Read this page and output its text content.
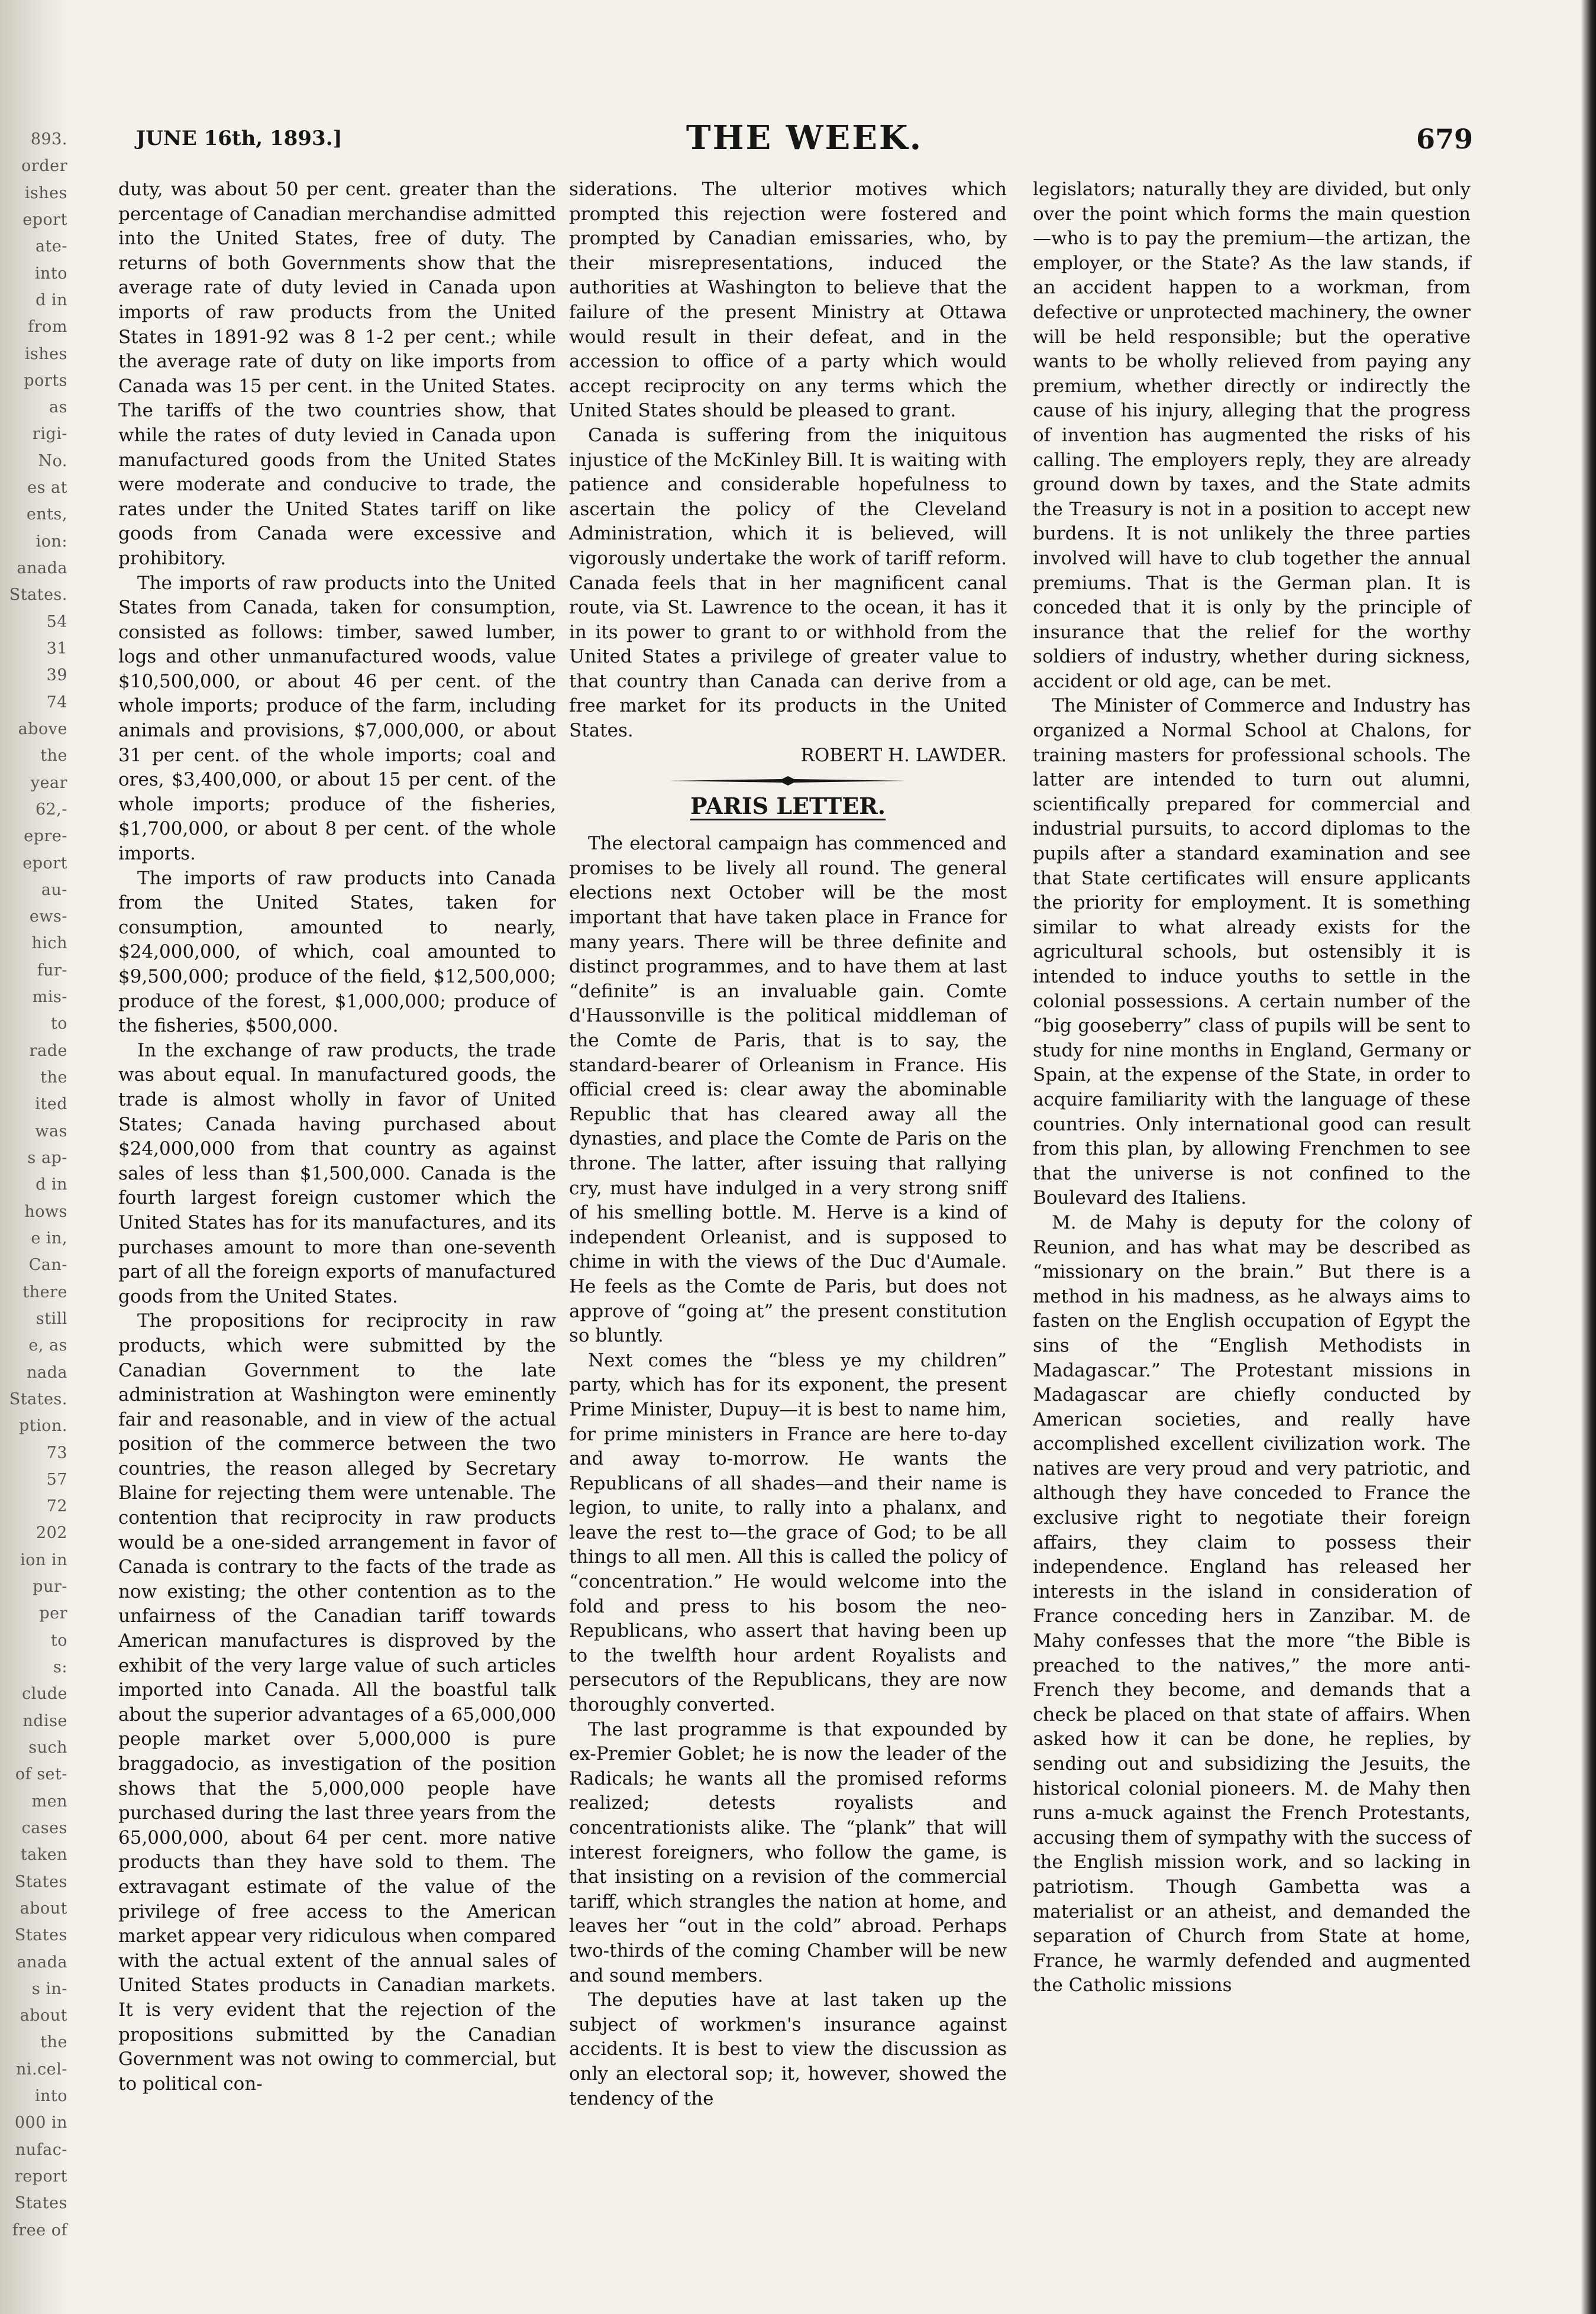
893.
order
ishes
eport
ate-
into
d in
from
ishes
ports
as
rigi-
No.
es at
ents,
ion:
anada
States.
54
31
39
74
above
the
year
62,-
epre-
eport
au-
ews-
hich
fur-
mis-
to
rade
the
ited
was
s ap-
d in
hows
e in,
Can-
there
still
e, as
nada
States.
ption.
73
57
72
202
ion in
pur-
per
to
s:
clude
ndise
such
of set-
men
cases
taken
States
about
States
anada
s in-
about
the
ni.cel-
into
000 in
nufac-
report
States
free of
JUNE 16th, 1893.]	THE WEEK.	679

duty, was about 50 per cent. greater than the percentage of Canadian merchandise admitted into the United States, free of duty. The returns of both Governments show that the average rate of duty levied in Canada upon imports of raw products from the United States in 1891-92 was 8 1-2 per cent.; while the average rate of duty on like imports from Canada was 15 per cent. in the United States. The tariffs of the two countries show, that while the rates of duty levied in Canada upon manufactured goods from the United States were moderate and conducive to trade, the rates under the United States tariff on like goods from Canada were excessive and prohibitory.

The imports of raw products into the United States from Canada, taken for consumption, consisted as follows: timber, sawed lumber, logs and other unmanufactured woods, value $10,500,000, or about 46 per cent. of the whole imports; produce of the farm, including animals and provisions, $7,000,000, or about 31 per cent. of the whole imports; coal and ores, $3,400,000, or about 15 per cent. of the whole imports; produce of the fisheries, $1,700,000, or about 8 per cent. of the whole imports.

The imports of raw products into Canada from the United States, taken for consumption, amounted to nearly, $24,000,000, of which, coal amounted to $9,500,000; produce of the field, $12,500,000; produce of the forest, $1,000,000; produce of the fisheries, $500,000.

In the exchange of raw products, the trade was about equal. In manufactured goods, the trade is almost wholly in favor of United States; Canada having purchased about $24,000,000 from that country as against sales of less than $1,500,000. Canada is the fourth largest foreign customer which the United States has for its manufactures, and its purchases amount to more than one-seventh part of all the foreign exports of manufactured goods from the United States.

The propositions for reciprocity in raw products, which were submitted by the Canadian Government to the late administration at Washington were eminently fair and reasonable, and in view of the actual position of the commerce between the two countries, the reason alleged by Secretary Blaine for rejecting them were untenable. The contention that reciprocity in raw products would be a one-sided arrangement in favor of Canada is contrary to the facts of the trade as now existing; the other contention as to the unfairness of the Canadian tariff towards American manufactures is disproved by the exhibit of the very large value of such articles imported into Canada. All the boastful talk about the superior advantages of a 65,000,000 people market over 5,000,000 is pure braggadocio, as investigation of the position shows that the 5,000,000 people have purchased during the last three years from the 65,000,000, about 64 per cent. more native products than they have sold to them. The extravagant estimate of the value of the privilege of free access to the American market appear very ridiculous when compared with the actual extent of the annual sales of United States products in Canadian markets. It is very evident that the rejection of the propositions submitted by the Canadian Government was not owing to commercial, but to political con-

siderations. The ulterior motives which prompted this rejection were fostered and prompted by Canadian emissaries, who, by their misrepresentations, induced the authorities at Washington to believe that the failure of the present Ministry at Ottawa would result in their defeat, and in the accession to office of a party which would accept reciprocity on any terms which the United States should be pleased to grant.

Canada is suffering from the iniquitous injustice of the McKinley Bill. It is waiting with patience and considerable hopefulness to ascertain the policy of the Cleveland Administration, which it is believed, will vigorously undertake the work of tariff reform. Canada feels that in her magnificent canal route, via St. Lawrence to the ocean, it has it in its power to grant to or withhold from the United States a privilege of greater value to that country than Canada can derive from a free market for its products in the United States.

ROBERT H. LAWDER.

PARIS LETTER.

The electoral campaign has commenced and promises to be lively all round. The general elections next October will be the most important that have taken place in France for many years. There will be three definite and distinct programmes, and to have them at last “definite” is an invaluable gain. Comte d'Haussonville is the political middleman of the Comte de Paris, that is to say, the standard-bearer of Orleanism in France. His official creed is: clear away the abominable Republic that has cleared away all the dynasties, and place the Comte de Paris on the throne. The latter, after issuing that rallying cry, must have indulged in a very strong sniff of his smelling bottle. M. Herve is a kind of independent Orleanist, and is supposed to chime in with the views of the Duc d'Aumale. He feels as the Comte de Paris, but does not approve of “going at” the present constitution so bluntly.

Next comes the “bless ye my children” party, which has for its exponent, the present Prime Minister, Dupuy—it is best to name him, for prime ministers in France are here to-day and away to-morrow. He wants the Republicans of all shades—and their name is legion, to unite, to rally into a phalanx, and leave the rest to—the grace of God; to be all things to all men. All this is called the policy of “concentration.” He would welcome into the fold and press to his bosom the neo-Republicans, who assert that having been up to the twelfth hour ardent Royalists and persecutors of the Republicans, they are now thoroughly converted.

The last programme is that expounded by ex-Premier Goblet; he is now the leader of the Radicals; he wants all the promised reforms realized; detests royalists and concentrationists alike. The “plank” that will interest foreigners, who follow the game, is that insisting on a revision of the commercial tariff, which strangles the nation at home, and leaves her “out in the cold” abroad. Perhaps two-thirds of the coming Chamber will be new and sound members.

The deputies have at last taken up the subject of workmen's insurance against accidents. It is best to view the discussion as only an electoral sop; it, however, showed the tendency of the

legislators; naturally they are divided, but only over the point which forms the main question—who is to pay the premium—the artizan, the employer, or the State? As the law stands, if an accident happen to a workman, from defective or unprotected machinery, the owner will be held responsible; but the operative wants to be wholly relieved from paying any premium, whether directly or indirectly the cause of his injury, alleging that the progress of invention has augmented the risks of his calling. The employers reply, they are already ground down by taxes, and the State admits the Treasury is not in a position to accept new burdens. It is not unlikely the three parties involved will have to club together the annual premiums. That is the German plan. It is conceded that it is only by the principle of insurance that the relief for the worthy soldiers of industry, whether during sickness, accident or old age, can be met.

The Minister of Commerce and Industry has organized a Normal School at Chalons, for training masters for professional schools. The latter are intended to turn out alumni, scientifically prepared for commercial and industrial pursuits, to accord diplomas to the pupils after a standard examination and see that State certificates will ensure applicants the priority for employment. It is something similar to what already exists for the agricultural schools, but ostensibly it is intended to induce youths to settle in the colonial possessions. A certain number of the “big gooseberry” class of pupils will be sent to study for nine months in England, Germany or Spain, at the expense of the State, in order to acquire familiarity with the language of these countries. Only international good can result from this plan, by allowing Frenchmen to see that the universe is not confined to the Boulevard des Italiens.

M. de Mahy is deputy for the colony of Reunion, and has what may be described as “missionary on the brain.” But there is a method in his madness, as he always aims to fasten on the English occupation of Egypt the sins of the “English Methodists in Madagascar.” The Protestant missions in Madagascar are chiefly conducted by American societies, and really have accomplished excellent civilization work. The natives are very proud and very patriotic, and although they have conceded to France the exclusive right to negotiate their foreign affairs, they claim to possess their independence. England has released her interests in the island in consideration of France conceding hers in Zanzibar. M. de Mahy confesses that the more “the Bible is preached to the natives,” the more anti-French they become, and demands that a check be placed on that state of affairs. When asked how it can be done, he replies, by sending out and subsidizing the Jesuits, the historical colonial pioneers. M. de Mahy then runs a-muck against the French Protestants, accusing them of sympathy with the success of the English mission work, and so lacking in patriotism. Though Gambetta was a materialist or an atheist, and demanded the separation of Church from State at home, France, he warmly defended and augmented the Catholic missions
